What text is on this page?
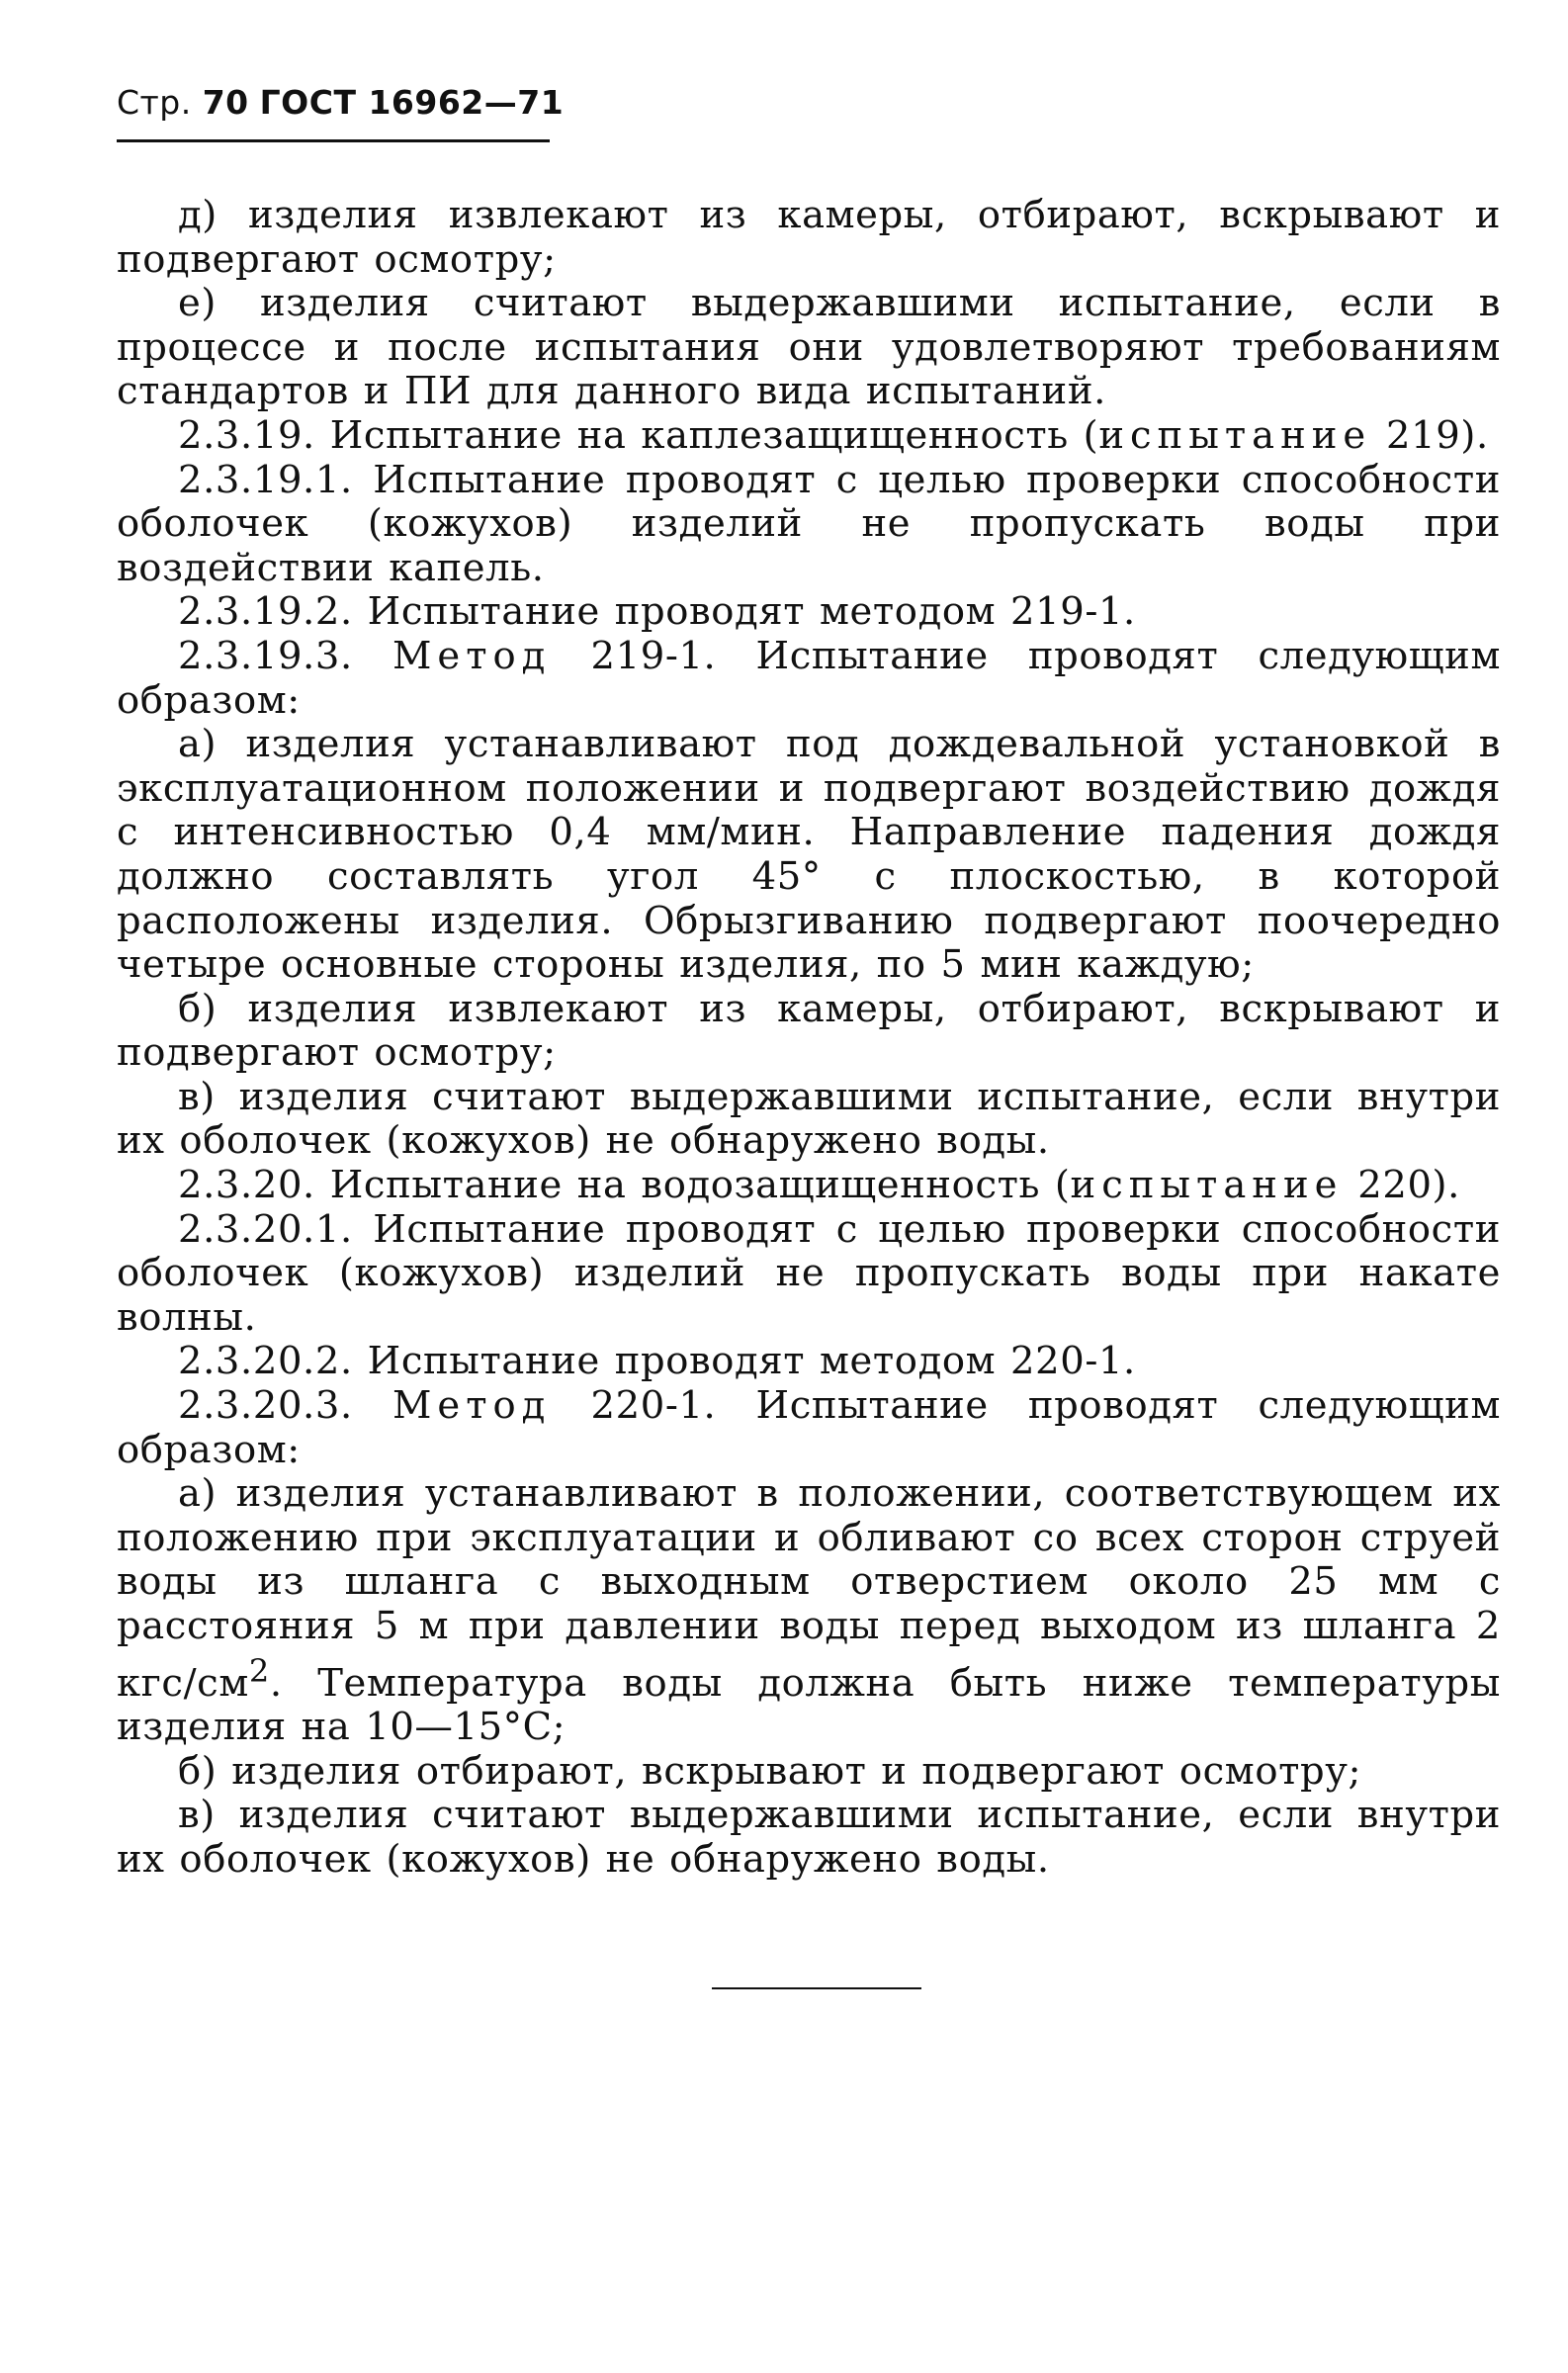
Стр. 70 ГОСТ 16962—71

д) изделия извлекают из камеры, отбирают, вскрывают и подвергают осмотру;

е) изделия считают выдержавшими испытание, если в процессе и после испытания они удовлетворяют требованиям стандартов и ПИ для данного вида испытаний.

2.3.19. Испытание на каплезащищенность (испытание 219).

2.3.19.1. Испытание проводят с целью проверки способности оболочек (кожухов) изделий не пропускать воды при воздействии капель.

2.3.19.2. Испытание проводят методом 219-1.

2.3.19.3. Метод 219-1. Испытание проводят следующим образом:

а) изделия устанавливают под дождевальной установкой в эксплуатационном положении и подвергают воздействию дождя с интенсивностью 0,4 мм/мин. Направление падения дождя должно составлять угол 45° с плоскостью, в которой расположены изделия. Обрызгиванию подвергают поочередно четыре основные стороны изделия, по 5 мин каждую;

б) изделия извлекают из камеры, отбирают, вскрывают и подвергают осмотру;

в) изделия считают выдержавшими испытание, если внутри их оболочек (кожухов) не обнаружено воды.

2.3.20. Испытание на водозащищенность (испытание 220).

2.3.20.1. Испытание проводят с целью проверки способности оболочек (кожухов) изделий не пропускать воды при накате волны.

2.3.20.2. Испытание проводят методом 220-1.

2.3.20.3. Метод 220-1. Испытание проводят следующим образом:

а) изделия устанавливают в положении, соответствующем их положению при эксплуатации и обливают со всех сторон струей воды из шланга с выходным отверстием около 25 мм с расстояния 5 м при давлении воды перед выходом из шланга 2 кгс/$см^2$. Температура воды должна быть ниже температуры изделия на 10—15°С;

б) изделия отбирают, вскрывают и подвергают осмотру;

в) изделия считают выдержавшими испытание, если внутри их оболочек (кожухов) не обнаружено воды.
